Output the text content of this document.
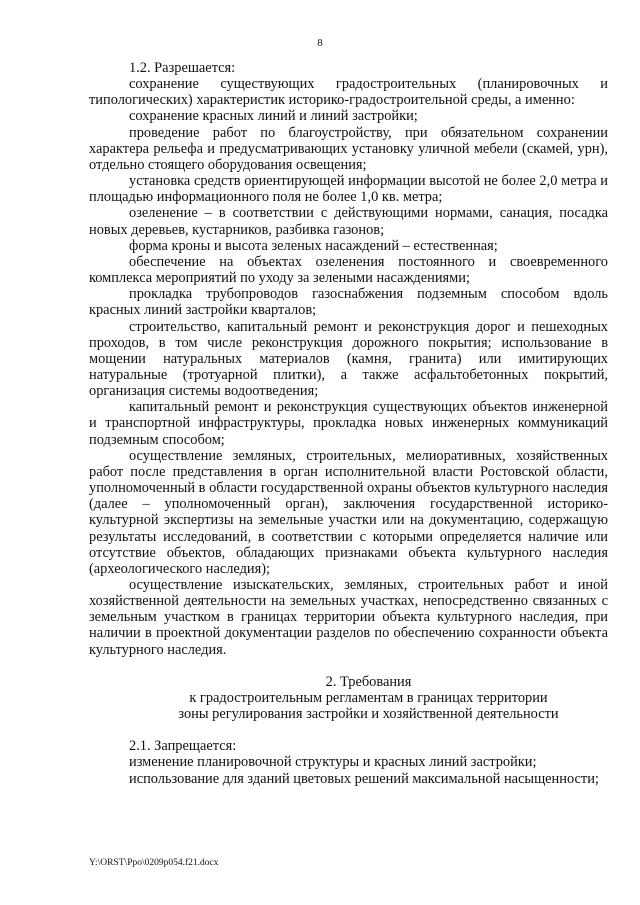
8

1.2. Разрешается:

сохранение существующих градостроительных (планировочных и типологических) характеристик историко-градостроительной среды, а именно:

сохранение красных линий и линий застройки;

проведение работ по благоустройству, при обязательном сохранении характера рельефа и предусматривающих установку уличной мебели (скамей, урн), отдельно стоящего оборудования освещения;

установка средств ориентирующей информации высотой не более 2,0 метра и площадью информационного поля не более 1,0 кв. метра;

озеленение – в соответствии с действующими нормами, санация, посадка новых деревьев, кустарников, разбивка газонов;

форма кроны и высота зеленых насаждений – естественная;

обеспечение на объектах озеленения постоянного и своевременного комплекса мероприятий по уходу за зелеными насаждениями;

прокладка трубопроводов газоснабжения подземным способом вдоль красных линий застройки кварталов;

строительство, капитальный ремонт и реконструкция дорог и пешеходных проходов, в том числе реконструкция дорожного покрытия; использование в мощении натуральных материалов (камня, гранита) или имитирующих натуральные (тротуарной плитки), а также асфальтобетонных покрытий, организация системы водоотведения;

капитальный ремонт и реконструкция существующих объектов инженерной и транспортной инфраструктуры, прокладка новых инженерных коммуникаций подземным способом;

осуществление земляных, строительных, мелиоративных, хозяйственных работ после представления в орган исполнительной власти Ростовской области, уполномоченный в области государственной охраны объектов культурного наследия (далее – уполномоченный орган), заключения государственной историко-культурной экспертизы на земельные участки или на документацию, содержащую результаты исследований, в соответствии с которыми определяется наличие или отсутствие объектов, обладающих признаками объекта культурного наследия (археологического наследия);

осуществление изыскательских, земляных, строительных работ и иной хозяйственной деятельности на земельных участках, непосредственно связанных с земельным участком в границах территории объекта культурного наследия, при наличии в проектной документации разделов по обеспечению сохранности объекта культурного наследия.

2. Требования

к градостроительным регламентам в границах территории

зоны регулирования застройки и хозяйственной деятельности

2.1. Запрещается:

изменение планировочной структуры и красных линий застройки;

использование для зданий цветовых решений максимальной насыщенности;

Y:\ORST\Ppo\0209p054.f21.docx
